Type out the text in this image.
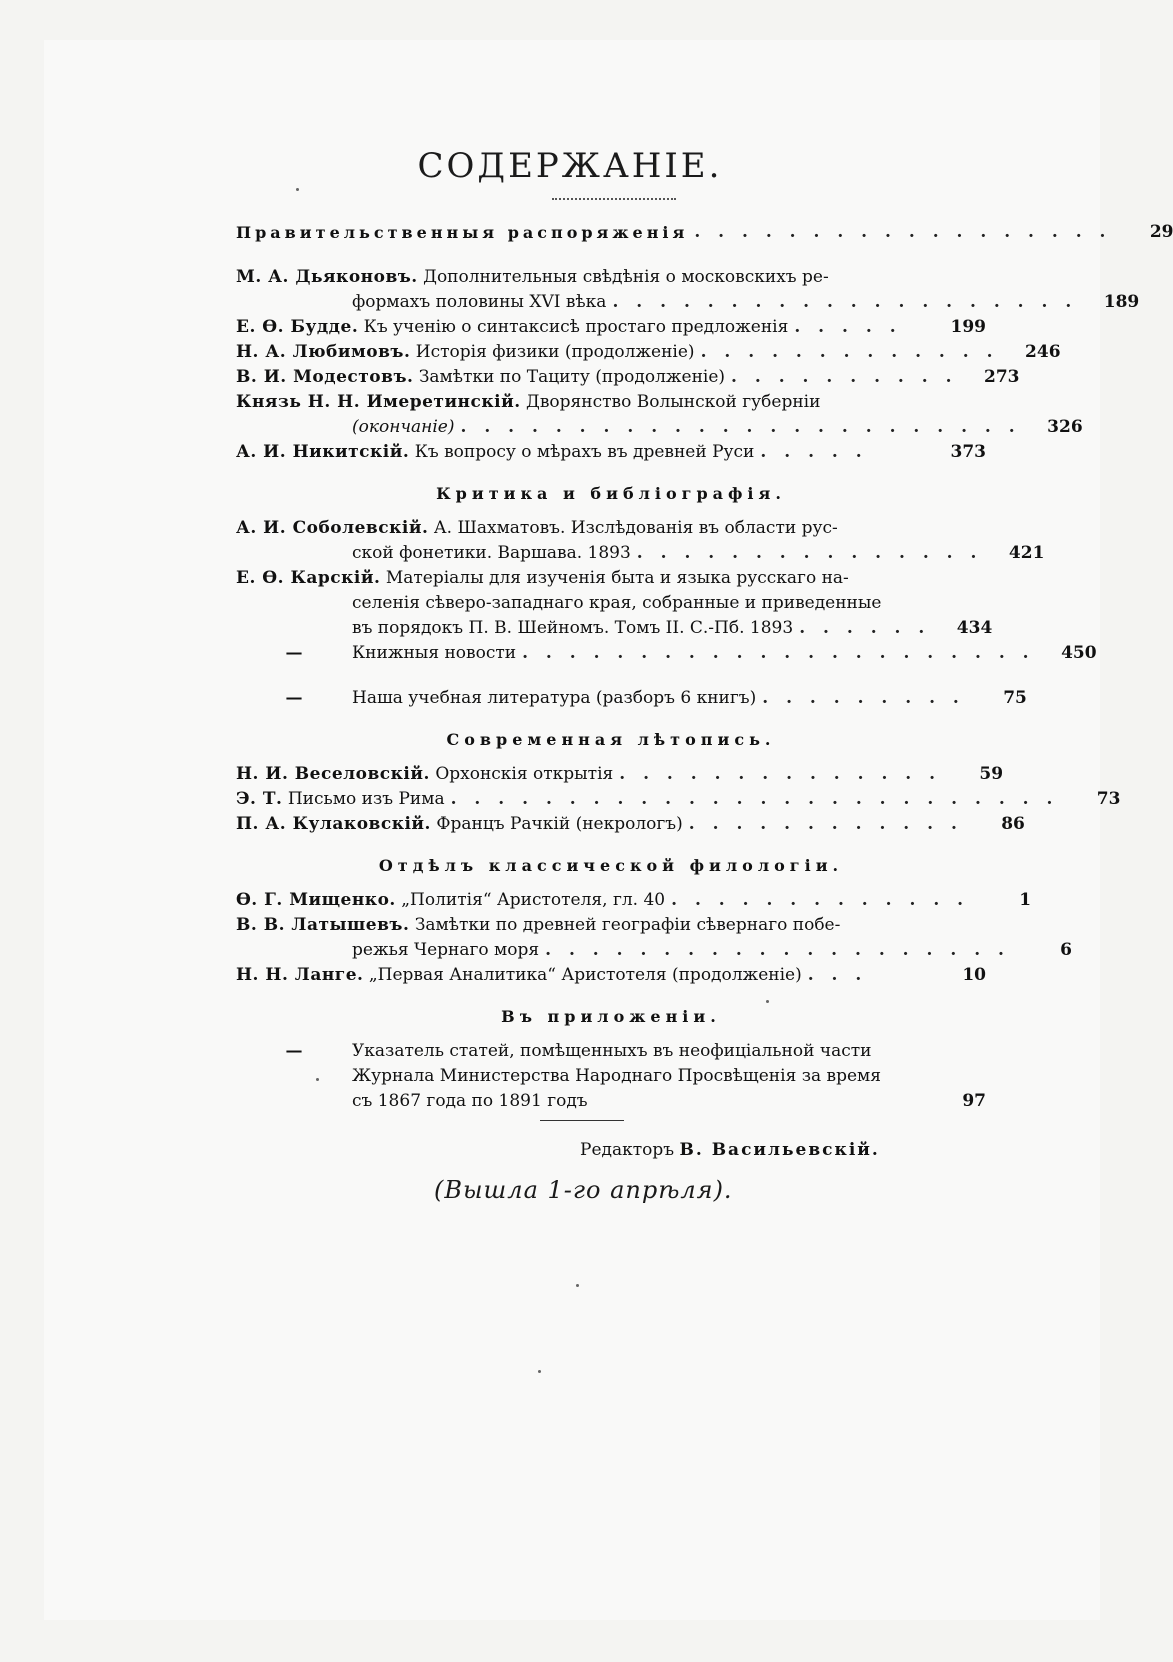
СОДЕРЖАНІЕ.
Правительственныя распоряженія . . . . . . . . . . . . . . . . . .	29
М. А. Дьяконовъ. Дополнительныя свѣдѣнія о московскихъ ре-
формахъ половины XVI вѣка . . . . . . . . . . . . . . . . . . . .	189
Е. Ѳ. Будде. Къ ученію о синтаксисѣ простаго предложенія . . . . .	199
Н. А. Любимовъ. Исторія физики (продолженіе) . . . . . . . . . . . . .	246
В. И. Модестовъ. Замѣтки по Тациту (продолженіе) . . . . . . . . . .	273
Князь Н. Н. Имеретинскій. Дворянство Волынской губерніи
(окончаніе) . . . . . . . . . . . . . . . . . . . . . . . .	326
А. И. Никитскій. Къ вопросу о мѣрахъ въ древней Руси . . . . .	373
Критика и библіографія.
А. И. Соболевскій. А. Шахматовъ. Изслѣдованія въ области рус-
ской фонетики. Варшава. 1893 . . . . . . . . . . . . . . .	421
Е. Ѳ. Карскій. Матеріалы для изученія быта и языка русскаго на-
селенія сѣверо-западнаго края, собранные и приведенные
въ порядокъ П. В. Шейномъ. Томъ II. С.-Пб. 1893 . . . . . .	434
—	Книжныя новости . . . . . . . . . . . . . . . . . . . . . .	450
—	Наша учебная литература (разборъ 6 книгъ) . . . . . . . . .	75
Современная лѣтопись.
Н. И. Веселовскій. Орхонскія открытія . . . . . . . . . . . . . .	59
Э. Т. Письмо изъ Рима . . . . . . . . . . . . . . . . . . . . . . . . . .	73
П. А. Кулаковскій. Францъ Рачкій (некрологъ) . . . . . . . . . . . .	86
Отдѣлъ классической филологіи.
Ѳ. Г. Мищенко. „Политія“ Аристотеля, гл. 40 . . . . . . . . . . . . .	1
В. В. Латышевъ. Замѣтки по древней географіи сѣвернаго побе-
режья Чернаго моря . . . . . . . . . . . . . . . . . . . .	6
Н. Н. Ланге. „Первая Аналитика“ Аристотеля (продолженіе) . . .	10
Въ приложеніи.
—	Указатель статей, помѣщенныхъ въ неофиціальной части
Журнала Министерства Народнаго Просвѣщенія за время
съ 1867 года по 1891 годъ	97
Редакторъ В. Васильевскій.
(Вышла 1-го апрѣля).
